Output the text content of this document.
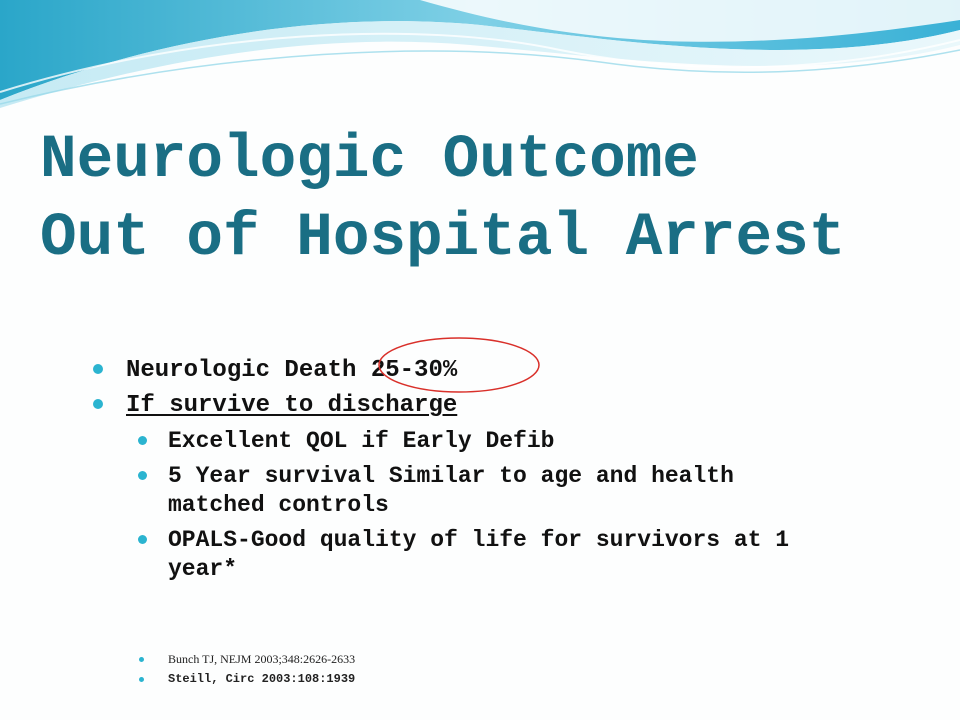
Neurologic Outcome
Out of Hospital Arrest
Neurologic Death 25-30%
If survive to discharge
Excellent QOL if Early Defib
5 Year survival Similar to age and health
matched controls
OPALS-Good quality of life for survivors at 1
year*
Bunch TJ, NEJM 2003;348:2626-2633
Steill, Circ 2003:108:1939
